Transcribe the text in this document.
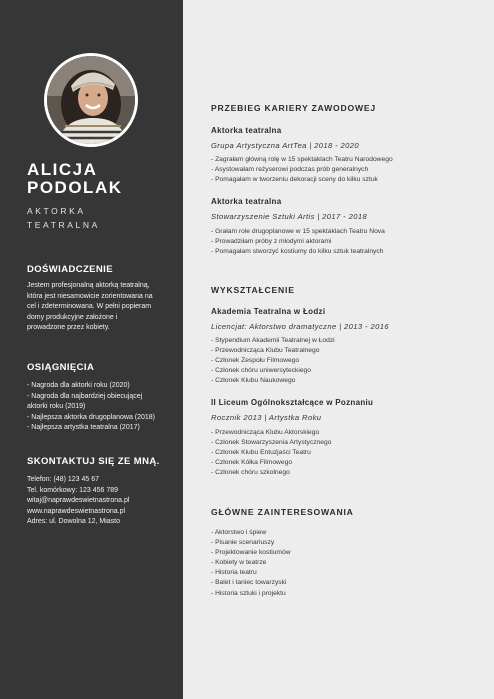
ALICJA
PODOLAK
AKTORKA
TEATRALNA
DOŚWIADCZENIE
Jestem profesjonalną aktorką teatralną, która jest niesamowicie zorientowana na cel i zdeterminowana. W pełni popieram domy produkcyjne założone i prowadzone przez kobiety.
OSIĄGNIĘCIA
- Nagroda dla aktorki roku (2020)
- Nagroda dla najbardziej obiecującej aktorki roku (2019)
- Najlepsza aktorka drugoplanowa (2018)
- Najlepsza artystka teatralna (2017)
SKONTAKTUJ SIĘ ZE MNĄ.
Telefon: (48) 123 45 67
Tel. komórkowy: 123 456 789
witaj@naprawdeswietnastrona.pl
www.naprawdeswietnastrona.pl
Adres: ul. Dowolna 12, Miasto
PRZEBIEG KARIERY ZAWODOWEJ
Aktorka teatralna
Grupa Artystyczna ArtTea | 2018 - 2020
- Zagrałam główną rolę w 15 spektaklach Teatru Narodowego
- Asystowałam reżyserowi podczas prób generalnych
- Pomagałam w tworzeniu dekoracji sceny do kilku sztuk
Aktorka teatralna
Stowarzyszenie Sztuki Artis | 2017 - 2018
- Grałam role drugoplanowe w 15 spektaklach Teatru Nova
- Prowadziłam próby z młodymi aktorami
- Pomagałam stworzyć kostiumy do kilku sztuk teatralnych
WYKSZTAŁCENIE
Akademia Teatralna w Łodzi
Licencjat: Aktorstwo dramatyczne | 2013 - 2016
- Stypendium Akademii Teatralnej w Łodzi
- Przewodnicząca Klubu Teatralnego
- Członek Zespołu Filmowego
- Członek chóru uniwersyteckiego
- Członek Klubu Naukowego
II Liceum Ogólnokształcące w Poznaniu
Rocznik 2013 | Artystka Roku
- Przewodnicząca Klubu Aktorskiego
- Członek Stowarzyszenia Artystycznego
- Członek Klubu Entuzjaści Teatru
- Członek Kółka Filmowego
- Członek chóru szkolnego
GŁÓWNE ZAINTERESOWANIA
- Aktorstwo i śpiew
- Pisanie scenariuszy
- Projektowanie kostiumów
- Kobiety w teatrze
- Historia teatru
- Balet i taniec towarzyski
- Historia sztuki i projektu
